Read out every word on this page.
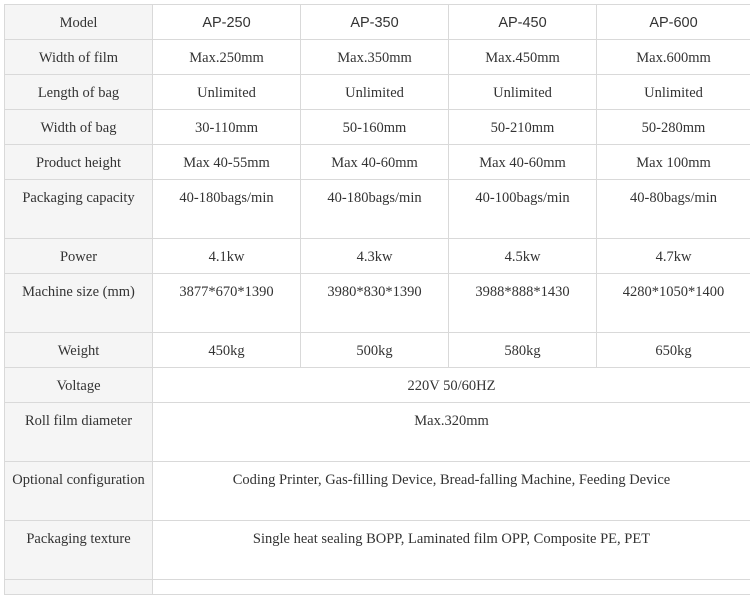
Model	AP-250	AP-350	AP-450	AP-600
Width of film	Max.250mm	Max.350mm	Max.450mm	Max.600mm
Length of bag	Unlimited	Unlimited	Unlimited	Unlimited
Width of bag	30-110mm	50-160mm	50-210mm	50-280mm
Product height	Max 40-55mm	Max 40-60mm	Max 40-60mm	Max 100mm
Packaging capacity	40-180bags/min	40-180bags/min	40-100bags/min	40-80bags/min
Power	4.1kw	4.3kw	4.5kw	4.7kw
Machine size (mm)	3877*670*1390	3980*830*1390	3988*888*1430	4280*1050*1400
Weight	450kg	500kg	580kg	650kg
Voltage	220V 50/60HZ			
Roll film diameter	Max.320mm			
Optional configuration	Coding Printer, Gas-filling Device, Bread-falling Machine, Feeding Device			
Packaging texture	Single heat sealing BOPP, Laminated film OPP, Composite PE, PET			
